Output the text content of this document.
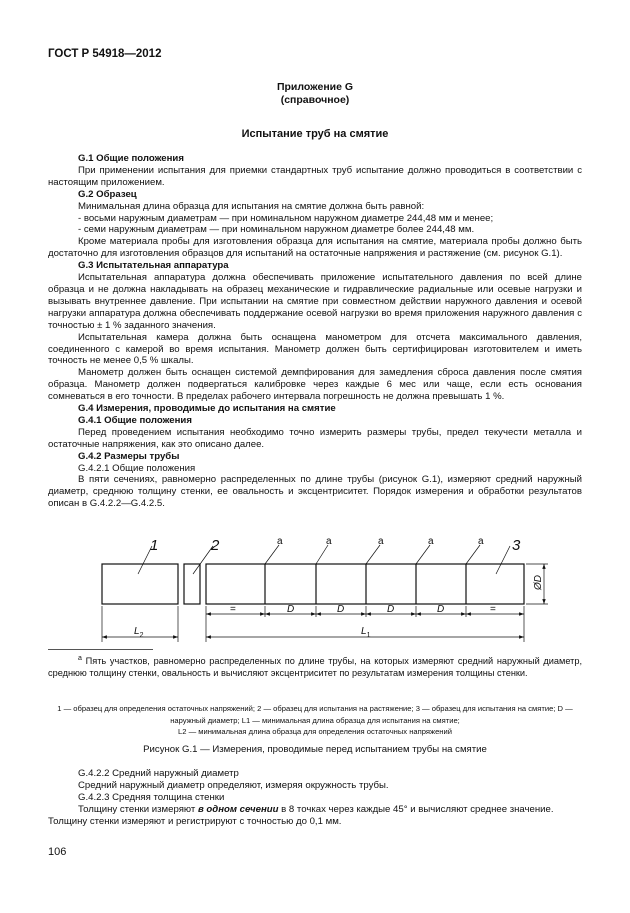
ГОСТ Р 54918—2012
Приложение G
(справочное)
Испытание труб на смятие

G.1 Общие положения

При применении испытания для приемки стандартных труб испытание должно проводиться в соответствии с настоящим приложением.

G.2 Образец

Минимальная длина образца для испытания на смятие должна быть равной:

- восьми наружным диаметрам — при номинальном наружном диаметре 244,48 мм и менее;

- семи наружным диаметрам — при номинальном наружном диаметре более 244,48 мм.

Кроме материала пробы для изготовления образца для испытания на смятие, материала пробы должно быть достаточно для изготовления образцов для испытаний на остаточные напряжения и растяжение (см. рисунок G.1).

G.3 Испытательная аппаратура

Испытательная аппаратура должна обеспечивать приложение испытательного давления по всей длине образца и не должна накладывать на образец механические и гидравлические радиальные или осевые нагрузки и вызывать внутреннее давление. При испытании на смятие при совместном действии наружного давления и осевой нагрузки аппаратура должна обеспечивать поддержание осевой нагрузки во время приложения наружного давления с точностью ± 1 % заданного значения.

Испытательная камера должна быть оснащена манометром для отсчета максимального давления, соединенного с камерой во время испытания. Манометр должен быть сертифицирован изготовителем и иметь точность не менее 0,5 % шкалы.

Манометр должен быть оснащен системой демпфирования для замедления сброса давления после смятия образца. Манометр должен подвергаться калибровке через каждые 6 мес или чаще, если есть основания сомневаться в его точности. В пределах рабочего интервала погрешность не должна превышать 1 %.

G.4 Измерения, проводимые до испытания на смятие

G.4.1 Общие положения

Перед проведением испытания необходимо точно измерить размеры трубы, предел текучести металла и остаточные напряжения, как это описано далее.

G.4.2 Размеры трубы

G.4.2.1 Общие положения

В пяти сечениях, равномерно распределенных по длине трубы (рисунок G.1), измеряют средний наружный диаметр, среднюю толщину стенки, ее овальность и эксцентриситет. Порядок измерения и обработки результатов описан в G.4.2.2—G.4.2.5.

1	2	3
a	a	a	a	a
=	D	D	D	D	=
ØD
$L_1$
$L_2$
$^a$ Пять участков, равномерно распределенных по длине трубы, на которых измеряют средний наружный диаметр, среднюю толщину стенки, овальность и вычисляют эксцентриситет по результатам измерения толщины стенки.
1 — образец для определения остаточных напряжений; 2 — образец для испытания на растяжение; 3 — образец для испытания на смятие; D — наружный диаметр; L1 — минимальная длина образца для испытания на смятие;
L2 — минимальная длина образца для определения остаточных напряжений
Рисунок G.1 — Измерения, проводимые перед испытанием трубы на смятие

G.4.2.2 Средний наружный диаметр

Средний наружный диаметр определяют, измеряя окружность трубы.

G.4.2.3 Средняя толщина стенки

Толщину стенки измеряют в одном сечении в 8 точках через каждые 45° и вычисляют среднее значение.

Толщину стенки измеряют и регистрируют с точностью до 0,1 мм.

106
